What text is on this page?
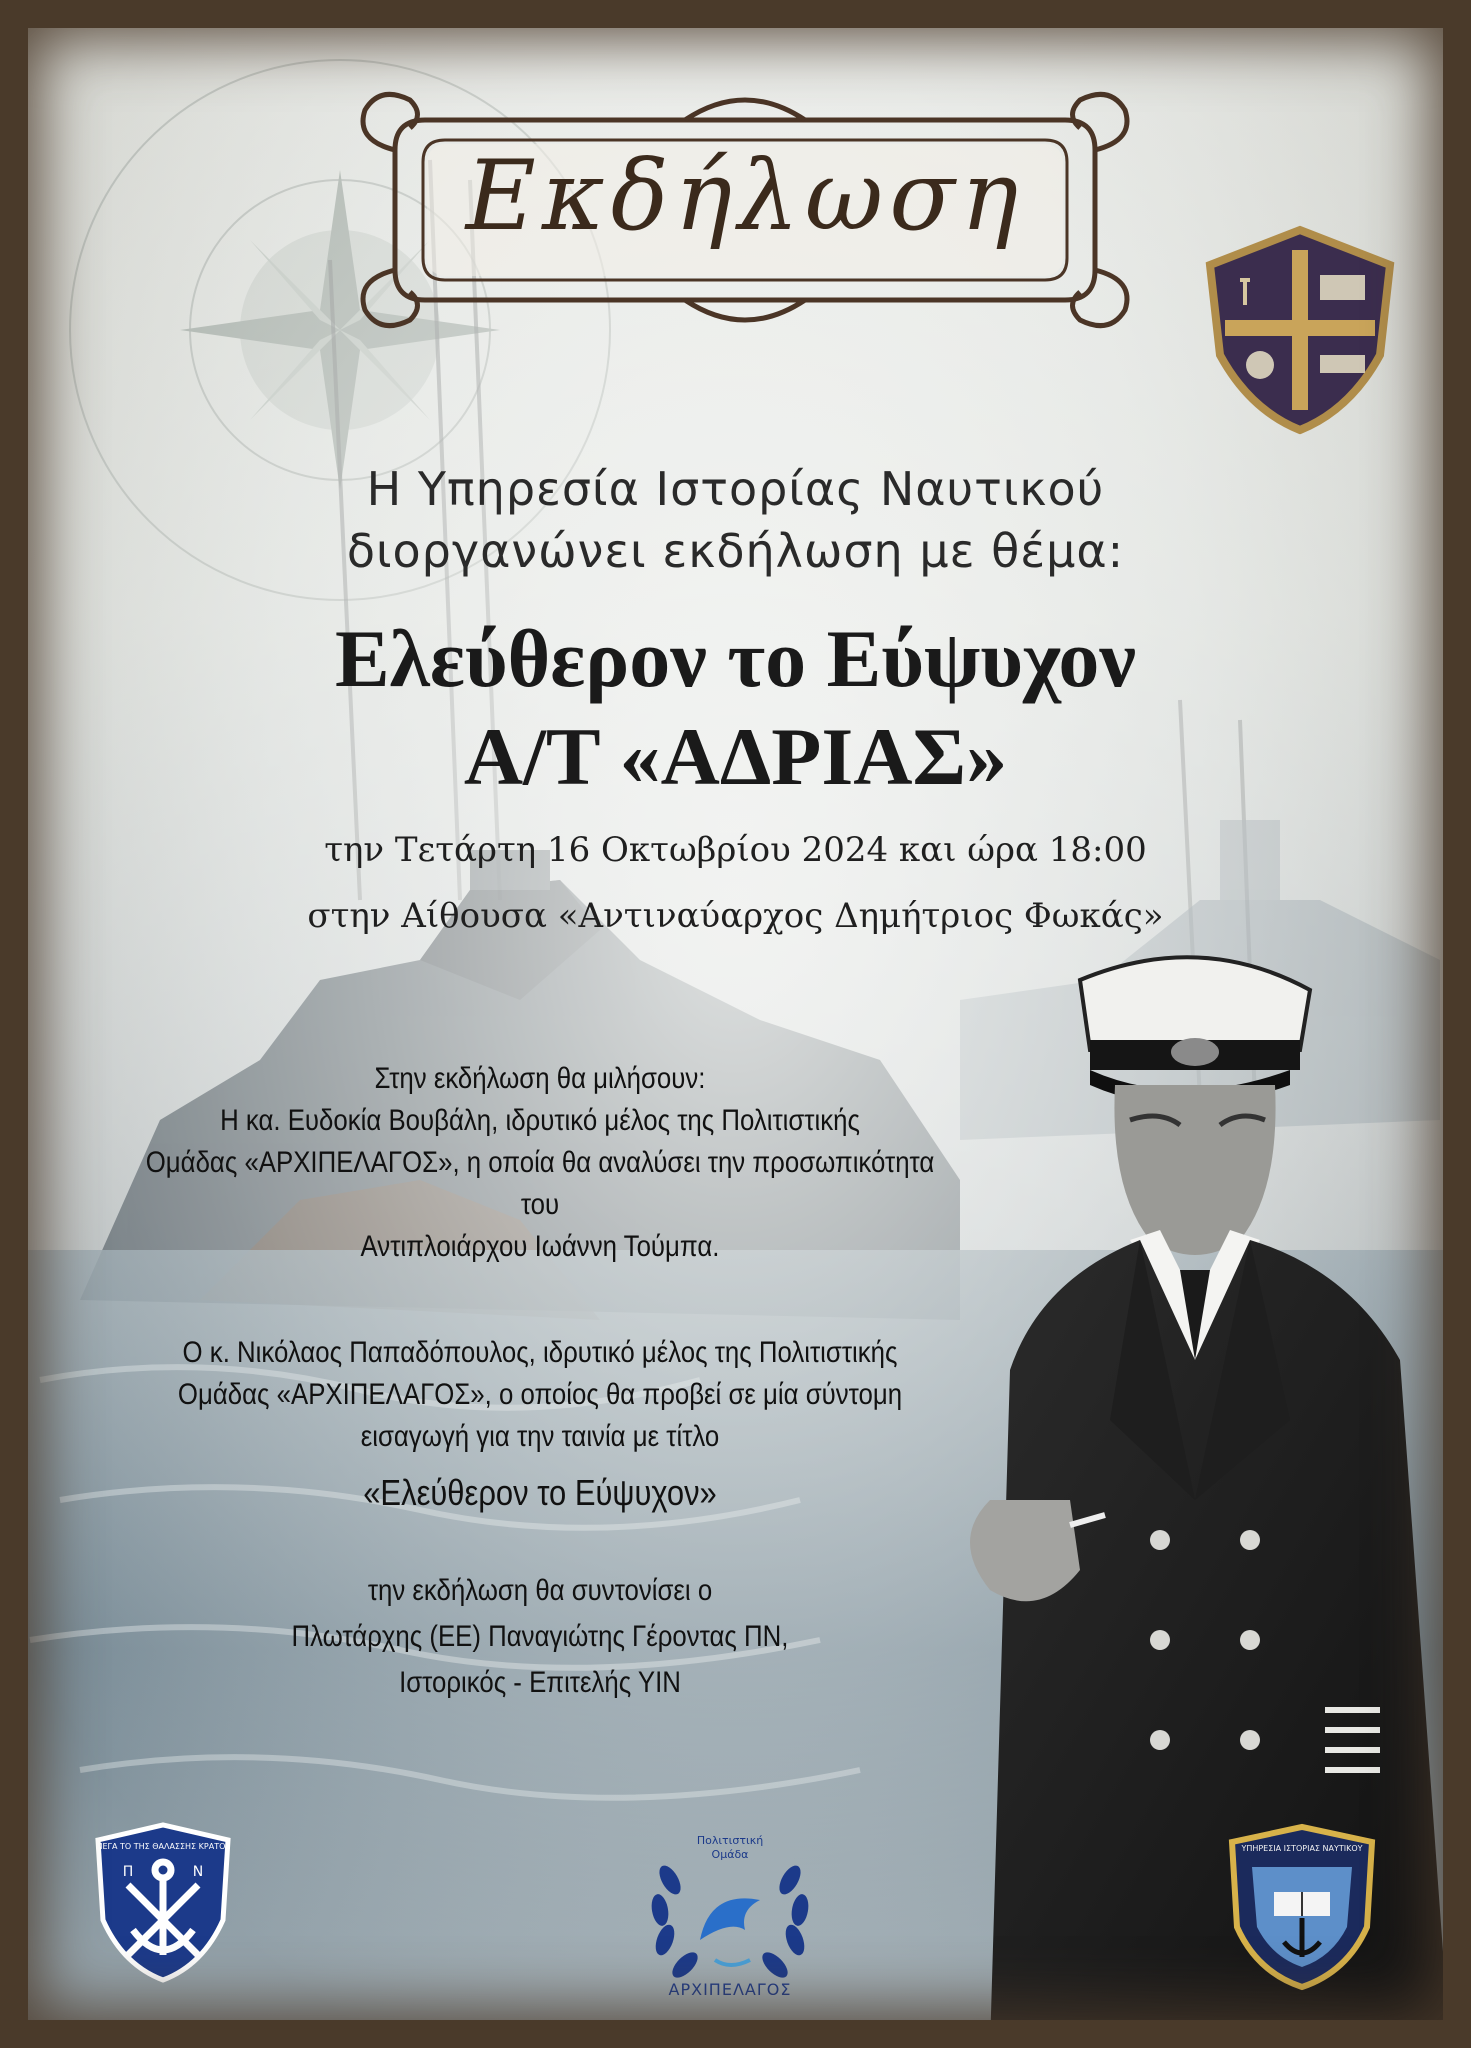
Εκδήλωση
Η Υπηρεσία Ιστορίας Ναυτικού
διοργανώνει εκδήλωση με θέμα:
Ελεύθερον το Εύψυχον
Α/Τ «ΑΔΡΙΑΣ»
την Τετάρτη 16 Οκτωβρίου 2024 και ώρα 18:00
στην Αίθουσα «Αντιναύαρχος Δημήτριος Φωκάς»
Στην εκδήλωση θα μιλήσουν:
Η κα. Ευδοκία Βουβάλη, ιδρυτικό μέλος της Πολιτιστικής
Ομάδας «ΑΡΧΙΠΕΛΑΓΟΣ», η οποία θα αναλύσει την προσωπικότητα του
Αντιπλοιάρχου Ιωάννη Τούμπα.
Ο κ. Νικόλαος Παπαδόπουλος, ιδρυτικό μέλος της Πολιτιστικής
Ομάδας «ΑΡΧΙΠΕΛΑΓΟΣ», ο οποίος θα προβεί σε μία σύντομη
εισαγωγή για την ταινία με τίτλο
«Ελεύθερον το Εύψυχον»
την εκδήλωση θα συντονίσει ο
Πλωτάρχης (ΕΕ) Παναγιώτης Γέροντας ΠΝ,
Ιστορικός - Επιτελής ΥΙΝ
ΜΕΓΑ ΤΟ ΤΗΣ ΘΑΛΑΣΣΗΣ ΚΡΑΤΟΣ
Π	Ν
Πολιτιστική
Ομάδα
ΑΡΧΙΠΕΛΑΓΟΣ
ΥΠΗΡΕΣΙΑ ΙΣΤΟΡΙΑΣ ΝΑΥΤΙΚΟΥ
